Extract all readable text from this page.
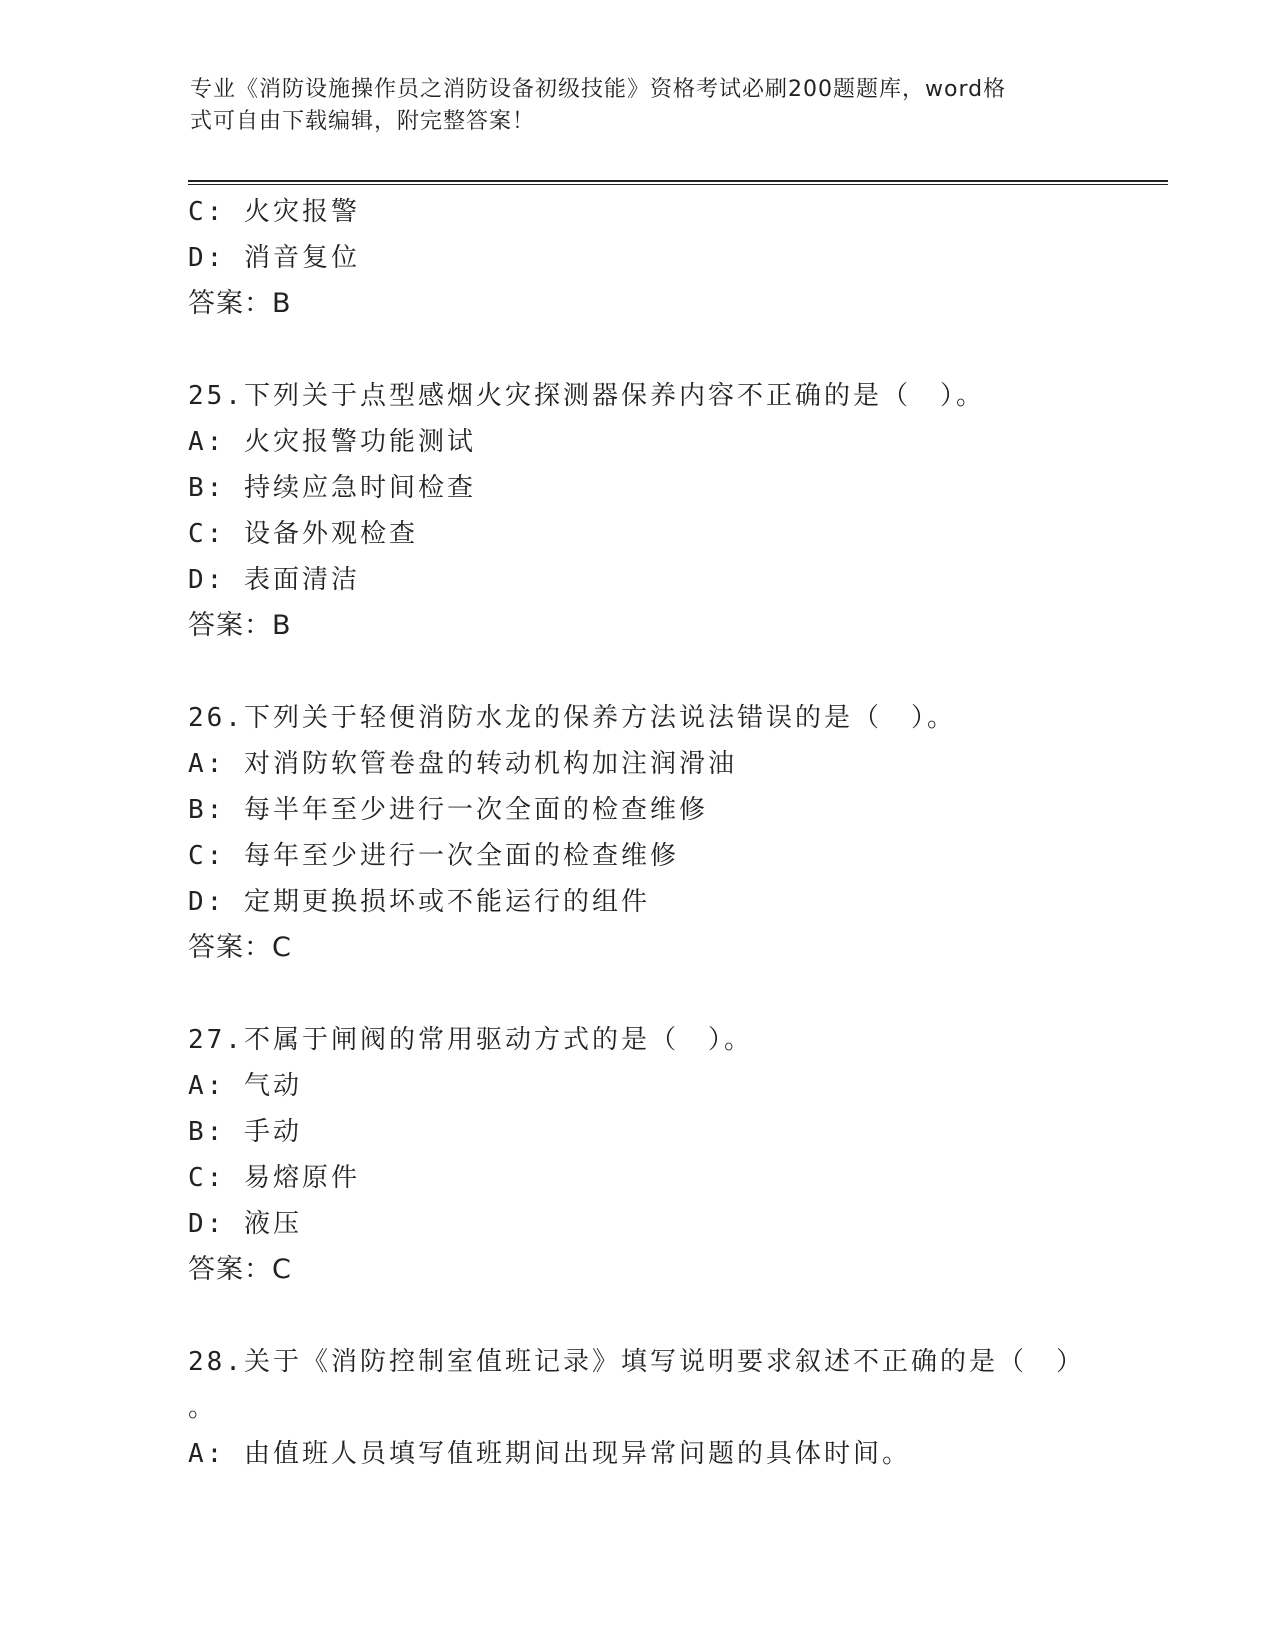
专业《消防设施操作员之消防设备初级技能》资格考试必刷200题题库，word格
式可自由下载编辑，附完整答案！
C: 火灾报警
D: 消音复位
答案：B
25.下列关于点型感烟火灾探测器保养内容不正确的是（　）。
A: 火灾报警功能测试
B: 持续应急时间检查
C: 设备外观检查
D: 表面清洁
答案：B
26.下列关于轻便消防水龙的保养方法说法错误的是（　）。
A: 对消防软管卷盘的转动机构加注润滑油
B: 每半年至少进行一次全面的检查维修
C: 每年至少进行一次全面的检查维修
D: 定期更换损坏或不能运行的组件
答案：C
27.不属于闸阀的常用驱动方式的是（　）。
A: 气动
B: 手动
C: 易熔原件
D: 液压
答案：C
28.关于《消防控制室值班记录》填写说明要求叙述不正确的是（　）
。
A: 由值班人员填写值班期间出现异常问题的具体时间。
